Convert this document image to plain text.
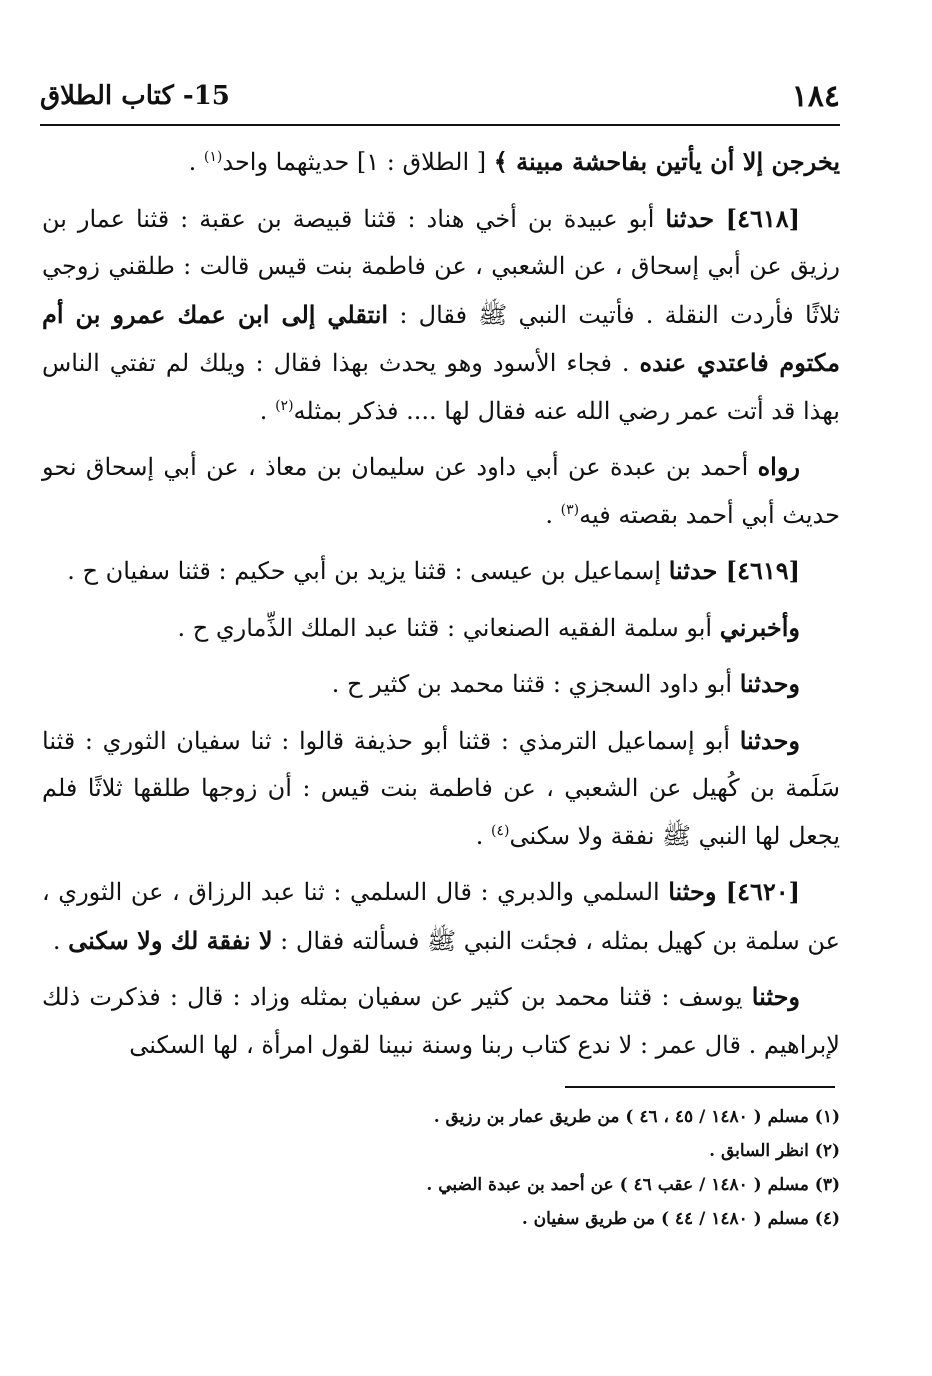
١٨٤
15- كتاب الطلاق

يخرجن إلا أن يأتين بفاحشة مبينة ﴾ [ الطلاق : ١] حديثهما واحد$^{(١)}$ .

[٤٦١٨] حدثنا أبو عبيدة بن أخي هناد : قثنا قبيصة بن عقبة : قثنا عمار بن رزيق عن أبي إسحاق ، عن الشعبي ، عن فاطمة بنت قيس قالت : طلقني زوجي ثلاثًا فأردت النقلة . فأتيت النبي ﷺ فقال : انتقلي إلى ابن عمك عمرو بن أم مكتوم فاعتدي عنده . فجاء الأسود وهو يحدث بهذا فقال : ويلك لم تفتي الناس بهذا قد أتت عمر رضي الله عنه فقال لها .... فذكر بمثله$^{(٢)}$ .

رواه أحمد بن عبدة عن أبي داود عن سليمان بن معاذ ، عن أبي إسحاق نحو حديث أبي أحمد بقصته فيه$^{(٣)}$ .

[٤٦١٩] حدثنا إسماعيل بن عيسى : قثنا يزيد بن أبي حكيم : قثنا سفيان ح .

وأخبرني أبو سلمة الفقيه الصنعاني : قثنا عبد الملك الذِّماري ح .

وحدثنا أبو داود السجزي : قثنا محمد بن كثير ح .

وحدثنا أبو إسماعيل الترمذي : قثنا أبو حذيفة قالوا : ثنا سفيان الثوري : قثنا سَلَمة بن كُهيل عن الشعبي ، عن فاطمة بنت قيس : أن زوجها طلقها ثلاثًا فلم يجعل لها النبي ﷺ نفقة ولا سكنى$^{(٤)}$ .

[٤٦٢٠] وحثنا السلمي والدبري : قال السلمي : ثنا عبد الرزاق ، عن الثوري ، عن سلمة بن كهيل بمثله ، فجئت النبي ﷺ فسألته فقال : لا نفقة لك ولا سكنى .

وحثنا يوسف : قثنا محمد بن كثير عن سفيان بمثله وزاد : قال : فذكرت ذلك لإبراهيم . قال عمر : لا ندع كتاب ربنا وسنة نبينا لقول امرأة ، لها السكنى

(١) مسلم ( ١٤٨٠ / ٤٥ ، ٤٦ ) من طريق عمار بن رزيق .
(٢) انظر السابق .
(٣) مسلم ( ١٤٨٠ / عقب ٤٦ ) عن أحمد بن عبدة الضبي .
(٤) مسلم ( ١٤٨٠ / ٤٤ ) من طريق سفيان .
